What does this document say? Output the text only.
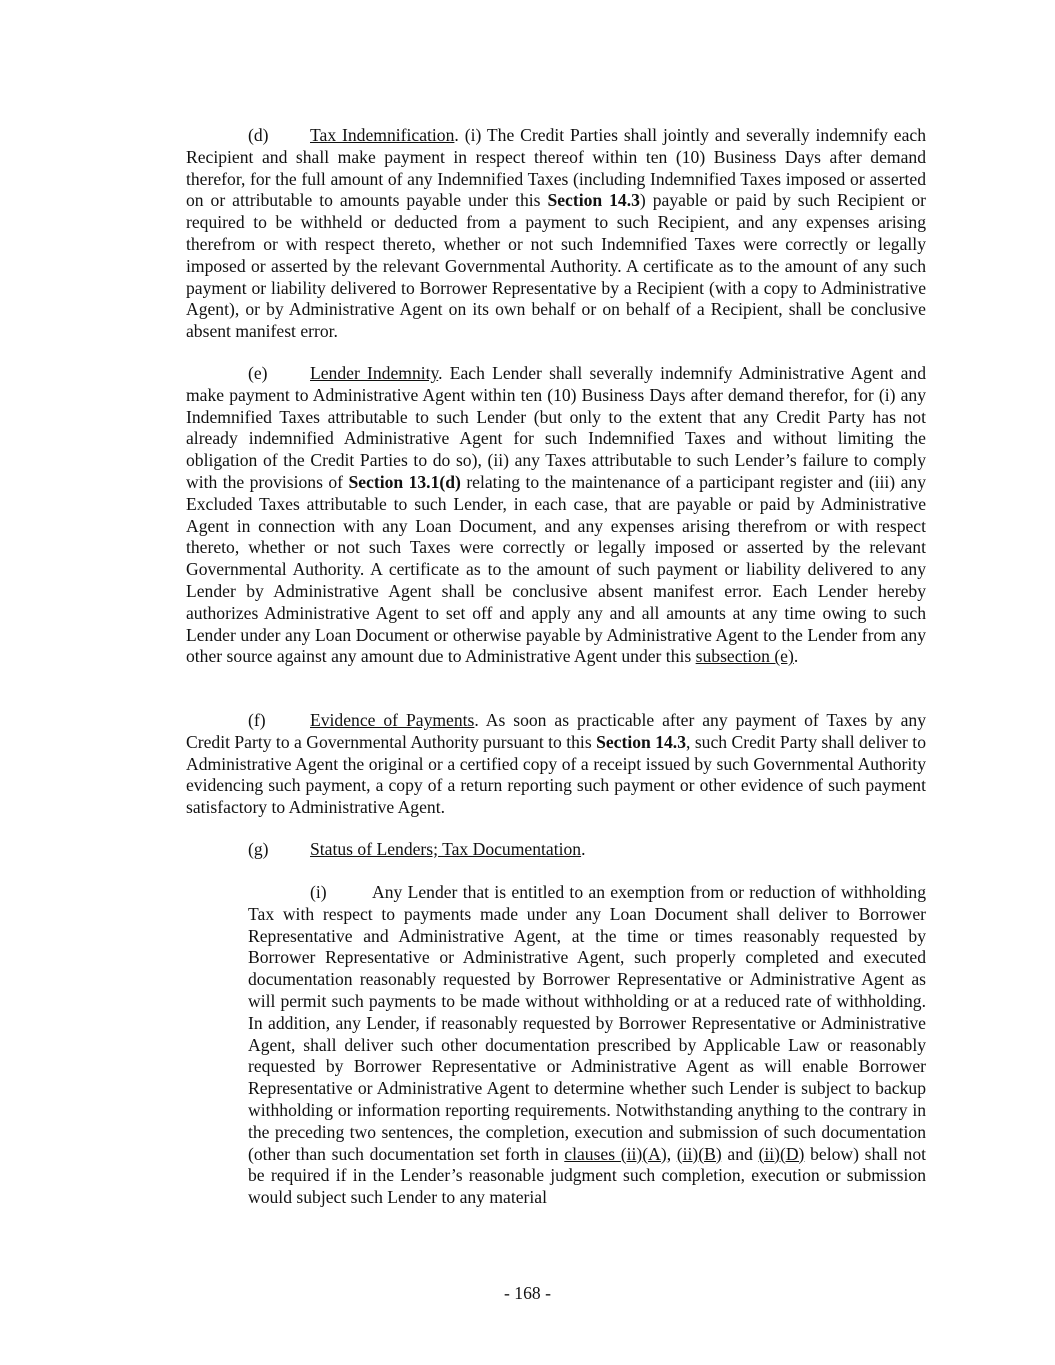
(d) Tax Indemnification. (i) The Credit Parties shall jointly and severally indemnify each Recipient and shall make payment in respect thereof within ten (10) Business Days after demand therefor, for the full amount of any Indemnified Taxes (including Indemnified Taxes imposed or asserted on or attributable to amounts payable under this Section 14.3) payable or paid by such Recipient or required to be withheld or deducted from a payment to such Recipient, and any expenses arising therefrom or with respect thereto, whether or not such Indemnified Taxes were correctly or legally imposed or asserted by the relevant Governmental Authority. A certificate as to the amount of any such payment or liability delivered to Borrower Representative by a Recipient (with a copy to Administrative Agent), or by Administrative Agent on its own behalf or on behalf of a Recipient, shall be conclusive absent manifest error.

(e) Lender Indemnity. Each Lender shall severally indemnify Administrative Agent and make payment to Administrative Agent within ten (10) Business Days after demand therefor, for (i) any Indemnified Taxes attributable to such Lender (but only to the extent that any Credit Party has not already indemnified Administrative Agent for such Indemnified Taxes and without limiting the obligation of the Credit Parties to do so), (ii) any Taxes attributable to such Lender’s failure to comply with the provisions of Section 13.1(d) relating to the maintenance of a participant register and (iii) any Excluded Taxes attributable to such Lender, in each case, that are payable or paid by Administrative Agent in connection with any Loan Document, and any expenses arising therefrom or with respect thereto, whether or not such Taxes were correctly or legally imposed or asserted by the relevant Governmental Authority. A certificate as to the amount of such payment or liability delivered to any Lender by Administrative Agent shall be conclusive absent manifest error. Each Lender hereby authorizes Administrative Agent to set off and apply any and all amounts at any time owing to such Lender under any Loan Document or otherwise payable by Administrative Agent to the Lender from any other source against any amount due to Administrative Agent under this subsection (e).

(f)	Evidence of Payments. As soon as practicable after any payment of Taxes by any Credit Party to a Governmental Authority pursuant to this Section 14.3, such Credit Party shall deliver to Administrative Agent the original or a certified copy of a receipt issued by such Governmental Authority evidencing such payment, a copy of a return reporting such payment or other evidence of such payment satisfactory to Administrative Agent.

(g) Status of Lenders; Tax Documentation.

(i)	Any Lender that is entitled to an exemption from or reduction of withholding Tax with respect to payments made under any Loan Document shall deliver to Borrower Representative and Administrative Agent, at the time or times reasonably requested by Borrower Representative or Administrative Agent, such properly completed and executed documentation reasonably requested by Borrower Representative or Administrative Agent as will permit such payments to be made without withholding or at a reduced rate of withholding. In addition, any Lender, if reasonably requested by Borrower Representative or Administrative Agent, shall deliver such other documentation prescribed by Applicable Law or reasonably requested by Borrower Representative or Administrative Agent as will enable Borrower Representative or Administrative Agent to determine whether such Lender is subject to backup withholding or information reporting requirements. Notwithstanding anything to the contrary in the preceding two sentences, the completion, execution and submission of such documentation (other than such documentation set forth in clauses (ii)(A), (ii)(B) and (ii)(D) below) shall not be required if in the Lender’s reasonable judgment such completion, execution or submission would subject such Lender to any material

- 168 -
